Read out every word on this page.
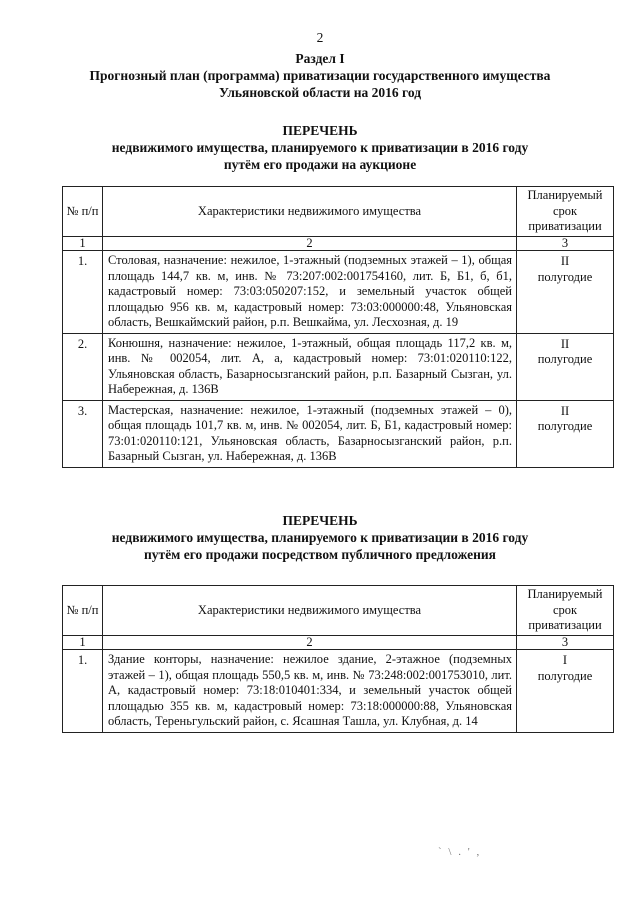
2
Раздел I
Прогнозный план (программа) приватизации государственного имущества
Ульяновской области на 2016 год
ПЕРЕЧЕНЬ
недвижимого имущества, планируемого к приватизации в 2016 году
путём его продажи на аукционе
№ п/п	Характеристики недвижимого имущества	Планируемый срок приватизации
1	2	3
1.	Столовая, назначение: нежилое, 1-этажный (подземных этажей – 1), общая площадь 144,7 кв. м, инв. № 73:207:002:001754160, лит. Б, Б1, б, б1, кадастровый номер: 73:03:050207:152, и земельный участок общей площадью 956 кв. м, кадастровый номер: 73:03:000000:48, Ульяновская область, Вешкаймский район, р.п. Вешкайма, ул. Лесхозная, д. 19	II
полугодие

2.	Конюшня, назначение: нежилое, 1-этажный, общая площадь 117,2 кв. м, инв. № 002054, лит. А, а, кадастровый номер: 73:01:020110:122, Ульяновская область, Базарносызганский район, р.п. Базарный Сызган, ул. Набережная, д. 136В	II
полугодие

3.	Мастерская, назначение: нежилое, 1-этажный (подземных этажей – 0), общая площадь 101,7 кв. м, инв. № 002054, лит. Б, Б1, кадастровый номер: 73:01:020110:121, Ульяновская область, Базарносызганский район, р.п. Базарный Сызган, ул. Набережная, д. 136В	II
полугодие
ПЕРЕЧЕНЬ
недвижимого имущества, планируемого к приватизации в 2016 году
путём его продажи посредством публичного предложения
№ п/п	Характеристики недвижимого имущества	Планируемый срок приватизации
1	2	3
1.	Здание конторы, назначение: нежилое здание, 2-этажное (подземных этажей – 1), общая площадь 550,5 кв. м, инв. № 73:248:002:001753010, лит. А, кадастровый номер: 73:18:010401:334, и земельный участок общей площадью 355 кв. м, кадастровый номер: 73:18:000000:88, Ульяновская область, Тереньгульский район, с. Ясашная Ташла, ул. Клубная, д. 14	I
полугодие
` \ . ' ,
